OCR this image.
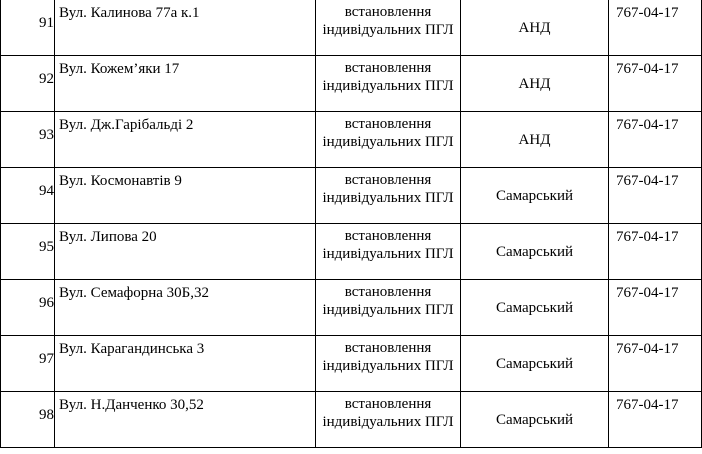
91	Вул. Калинова 77а к.1	встановлення індивідуальних ПГЛ	АНД	767-04-17

92	Вул. Кожем’яки 17	встановлення індивідуальних ПГЛ	АНД	767-04-17

93	Вул. Дж.Гарібальді 2	встановлення індивідуальних ПГЛ	АНД	767-04-17

94	Вул. Космонавтів 9	встановлення індивідуальних ПГЛ	Самарський	767-04-17

95	Вул. Липова 20	встановлення індивідуальних ПГЛ	Самарський	767-04-17

96	Вул. Семафорна 30Б,32	встановлення індивідуальних ПГЛ	Самарський	767-04-17

97	Вул. Карагандинська 3	встановлення індивідуальних ПГЛ	Самарський	767-04-17

98	Вул. Н.Данченко 30,52	встановлення індивідуальних ПГЛ	Самарський	767-04-17
